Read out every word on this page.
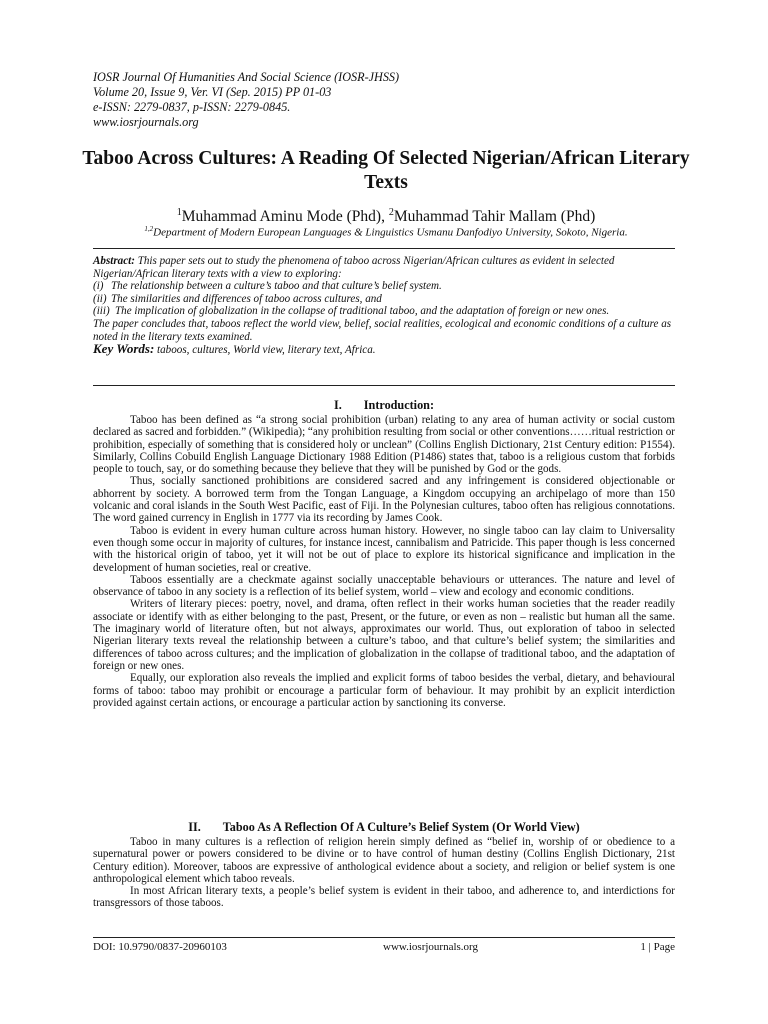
IOSR Journal Of Humanities And Social Science (IOSR-JHSS)
Volume 20, Issue 9, Ver. VI (Sep. 2015) PP 01-03
e-ISSN: 2279-0837, p-ISSN: 2279-0845.
www.iosrjournals.org
Taboo Across Cultures: A Reading Of Selected Nigerian/African Literary Texts
$^1$Muhammad Aminu Mode (Phd), $^2$Muhammad Tahir Mallam (Phd)
$^{1,2}$Department of Modern European Languages & Linguistics Usmanu Danfodiyo University, Sokoto, Nigeria.

Abstract: This paper sets out to study the phenomena of taboo across Nigerian/African cultures as evident in selected Nigerian/African literary texts with a view to exploring:

(i) The relationship between a culture’s taboo and that culture’s belief system.
(ii) The similarities and differences of taboo across cultures, and
(iii) The implication of globalization in the collapse of traditional taboo, and the adaptation of foreign or new ones.

The paper concludes that, taboos reflect the world view, belief, social realities, ecological and economic conditions of a culture as noted in the literary texts examined.

Key Words: taboos, cultures, World view, literary text, Africa.

I. Introduction:

Taboo has been defined as “a strong social prohibition (urban) relating to any area of human activity or social custom declared as sacred and forbidden.” (Wikipedia); “any prohibition resulting from social or other conventions……ritual restriction or prohibition, especially of something that is considered holy or unclean” (Collins English Dictionary, 21st Century edition: P1554). Similarly, Collins Cobuild English Language Dictionary 1988 Edition (P1486) states that, taboo is a religious custom that forbids people to touch, say, or do something because they believe that they will be punished by God or the gods.

Thus, socially sanctioned prohibitions are considered sacred and any infringement is considered objectionable or abhorrent by society. A borrowed term from the Tongan Language, a Kingdom occupying an archipelago of more than 150 volcanic and coral islands in the South West Pacific, east of Fiji. In the Polynesian cultures, taboo often has religious connotations. The word gained currency in English in 1777 via its recording by James Cook.

Taboo is evident in every human culture across human history. However, no single taboo can lay claim to Universality even though some occur in majority of cultures, for instance incest, cannibalism and Patricide. This paper though is less concerned with the historical origin of taboo, yet it will not be out of place to explore its historical significance and implication in the development of human societies, real or creative.

Taboos essentially are a checkmate against socially unacceptable behaviours or utterances. The nature and level of observance of taboo in any society is a reflection of its belief system, world – view and ecology and economic conditions.

Writers of literary pieces: poetry, novel, and drama, often reflect in their works human societies that the reader readily associate or identify with as either belonging to the past, Present, or the future, or even as non – realistic but human all the same. The imaginary world of literature often, but not always, approximates our world. Thus, out exploration of taboo in selected Nigerian literary texts reveal the relationship between a culture’s taboo, and that culture’s belief system; the similarities and differences of taboo across cultures; and the implication of globalization in the collapse of traditional taboo, and the adaptation of foreign or new ones.

Equally, our exploration also reveals the implied and explicit forms of taboo besides the verbal, dietary, and behavioural forms of taboo: taboo may prohibit or encourage a particular form of behaviour. It may prohibit by an explicit interdiction provided against certain actions, or encourage a particular action by sanctioning its converse.

II. Taboo As A Reflection Of A Culture’s Belief System (Or World View)

Taboo in many cultures is a reflection of religion herein simply defined as “belief in, worship of or obedience to a supernatural power or powers considered to be divine or to have control of human destiny (Collins English Dictionary, 21st Century edition). Moreover, taboos are expressive of anthological evidence about a society, and religion or belief system is one anthropological element which taboo reveals.

In most African literary texts, a people’s belief system is evident in their taboo, and adherence to, and interdictions for transgressors of those taboos.

DOI: 10.9790/0837-20960103	www.iosrjournals.org	1 | Page
